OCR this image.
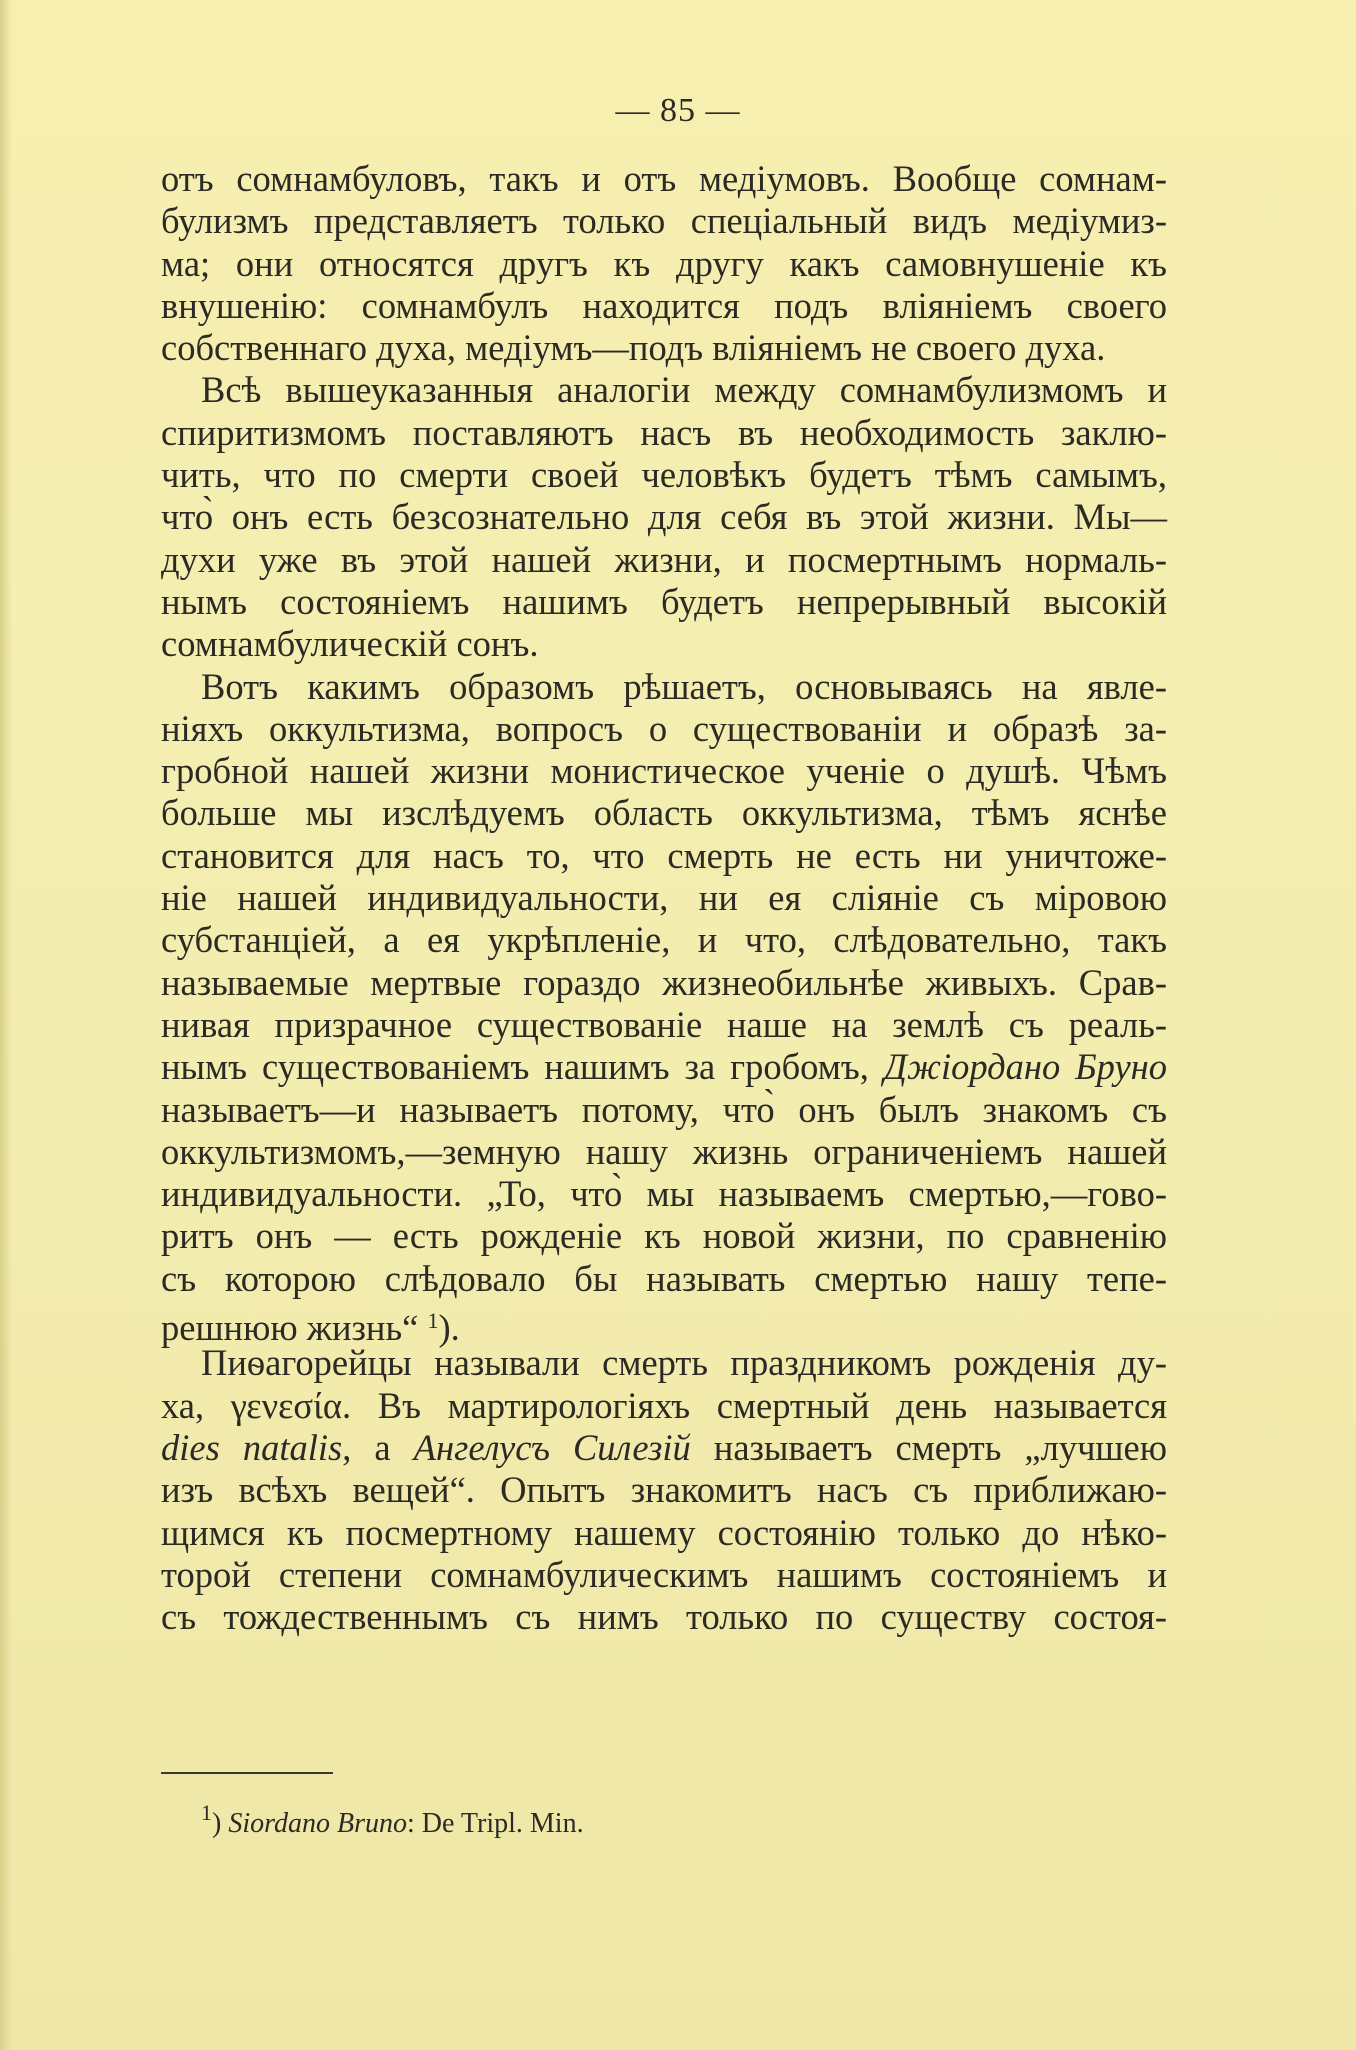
— 85 —
отъ сомнамбуловъ, такъ и отъ медiумовъ. Вообще сомнам-
булизмъ представляетъ только спецiальный видъ медiумиз-
ма; они относятся другъ къ другу какъ самовнушенiе къ
внушенiю: сомнамбулъ находится подъ влiянiемъ своего
собственнаго духа, медiумъ—подъ влiянiемъ не своего духа.
Всѣ вышеуказанныя аналогiи между сомнамбулизмомъ и
спиритизмомъ поставляютъ насъ въ необходимость заклю-
чить, что по смерти своей человѣкъ будетъ тѣмъ самымъ,
что̀ онъ есть безсознательно для себя въ этой жизни. Мы—
духи уже въ этой нашей жизни, и посмертнымъ нормаль-
нымъ состоянiемъ нашимъ будетъ непрерывный высокiй
сомнамбулическiй сонъ.
Вотъ какимъ образомъ рѣшаетъ, основываясь на явле-
нiяхъ оккультизма, вопросъ о существованiи и образѣ за-
гробной нашей жизни монистическое ученiе о душѣ. Чѣмъ
больше мы изслѣдуемъ область оккультизма, тѣмъ яснѣе
становится для насъ то, что смерть не есть ни уничтоже-
нiе нашей индивидуальности, ни ея слiянiе съ мiровою
субстанцiей, а ея укрѣпленiе, и что, слѣдовательно, такъ
называемые мертвые гораздо жизнеобильнѣе живыхъ. Срав-
нивая призрачное существованiе наше на землѣ съ реаль-
нымъ существованiемъ нашимъ за гробомъ, Джiордано Бруно
называетъ—и называетъ потому, что̀ онъ былъ знакомъ съ
оккультизмомъ,—земную нашу жизнь ограниченiемъ нашей
индивидуальности. „То, что̀ мы называемъ смертью,—гово-
ритъ онъ — есть рожденiе къ новой жизни, по сравненiю
съ которою слѣдовало бы называть смертью нашу тепе-
решнюю жизнь“ $^1$).
Пиѳагорейцы называли смерть праздникомъ рожденiя ду-
ха, γενεσία. Въ мартирологiяхъ смертный день называется
dies natalis, а Ангелусъ Силезiй называетъ смерть „лучшею
изъ всѣхъ вещей“. Опытъ знакомитъ насъ съ приближаю-
щимся къ посмертному нашему состоянiю только до нѣко-
торой степени сомнамбулическимъ нашимъ состоянiемъ и
съ тождественнымъ съ нимъ только по существу состоя-
$^1$) Siordano Bruno: De Tripl. Min.
